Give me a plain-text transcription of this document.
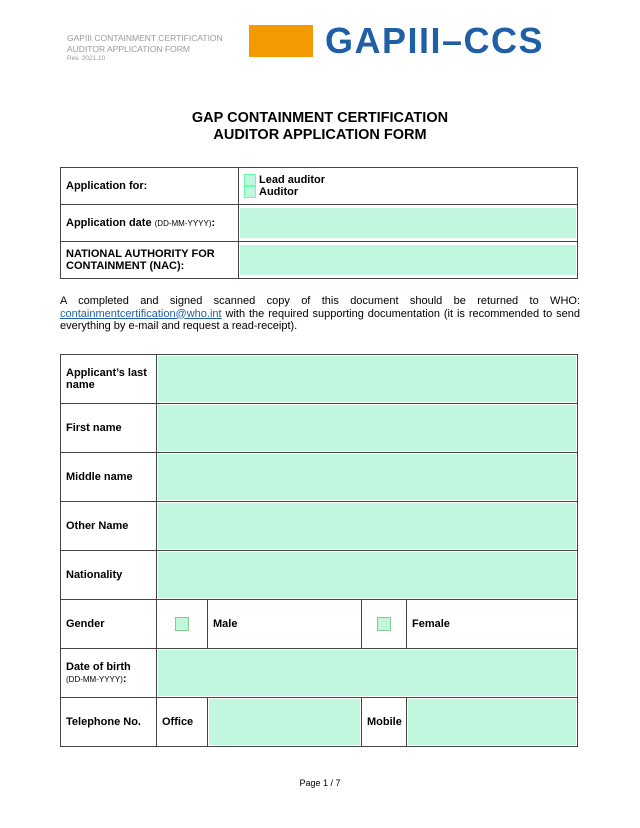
GAPIII CONTAINMENT CERTIFICATION
AUDITOR APPLICATION FORM
Rev. 2021.10	GAPIII–CCS
GAP CONTAINMENT CERTIFICATION
AUDITOR APPLICATION FORM
Application for:	Lead auditor
Auditor

Application date (DD-MM-YYYY):	

NATIONAL AUTHORITY FOR
CONTAINMENT (NAC):	

A completed and signed scanned copy of this document should be returned to WHO: containmentcertification@who.int with the required supporting documentation (it is recommended to send everything by e-mail and request a read-receipt).
Applicant’s last
name				

First name				

Middle name				

Other Name				

Nationality				

Gender		Male		Female

Date of birth
(DD-MM-YYYY):				

Telephone No.	Office		Mobile	
Page 1 / 7
